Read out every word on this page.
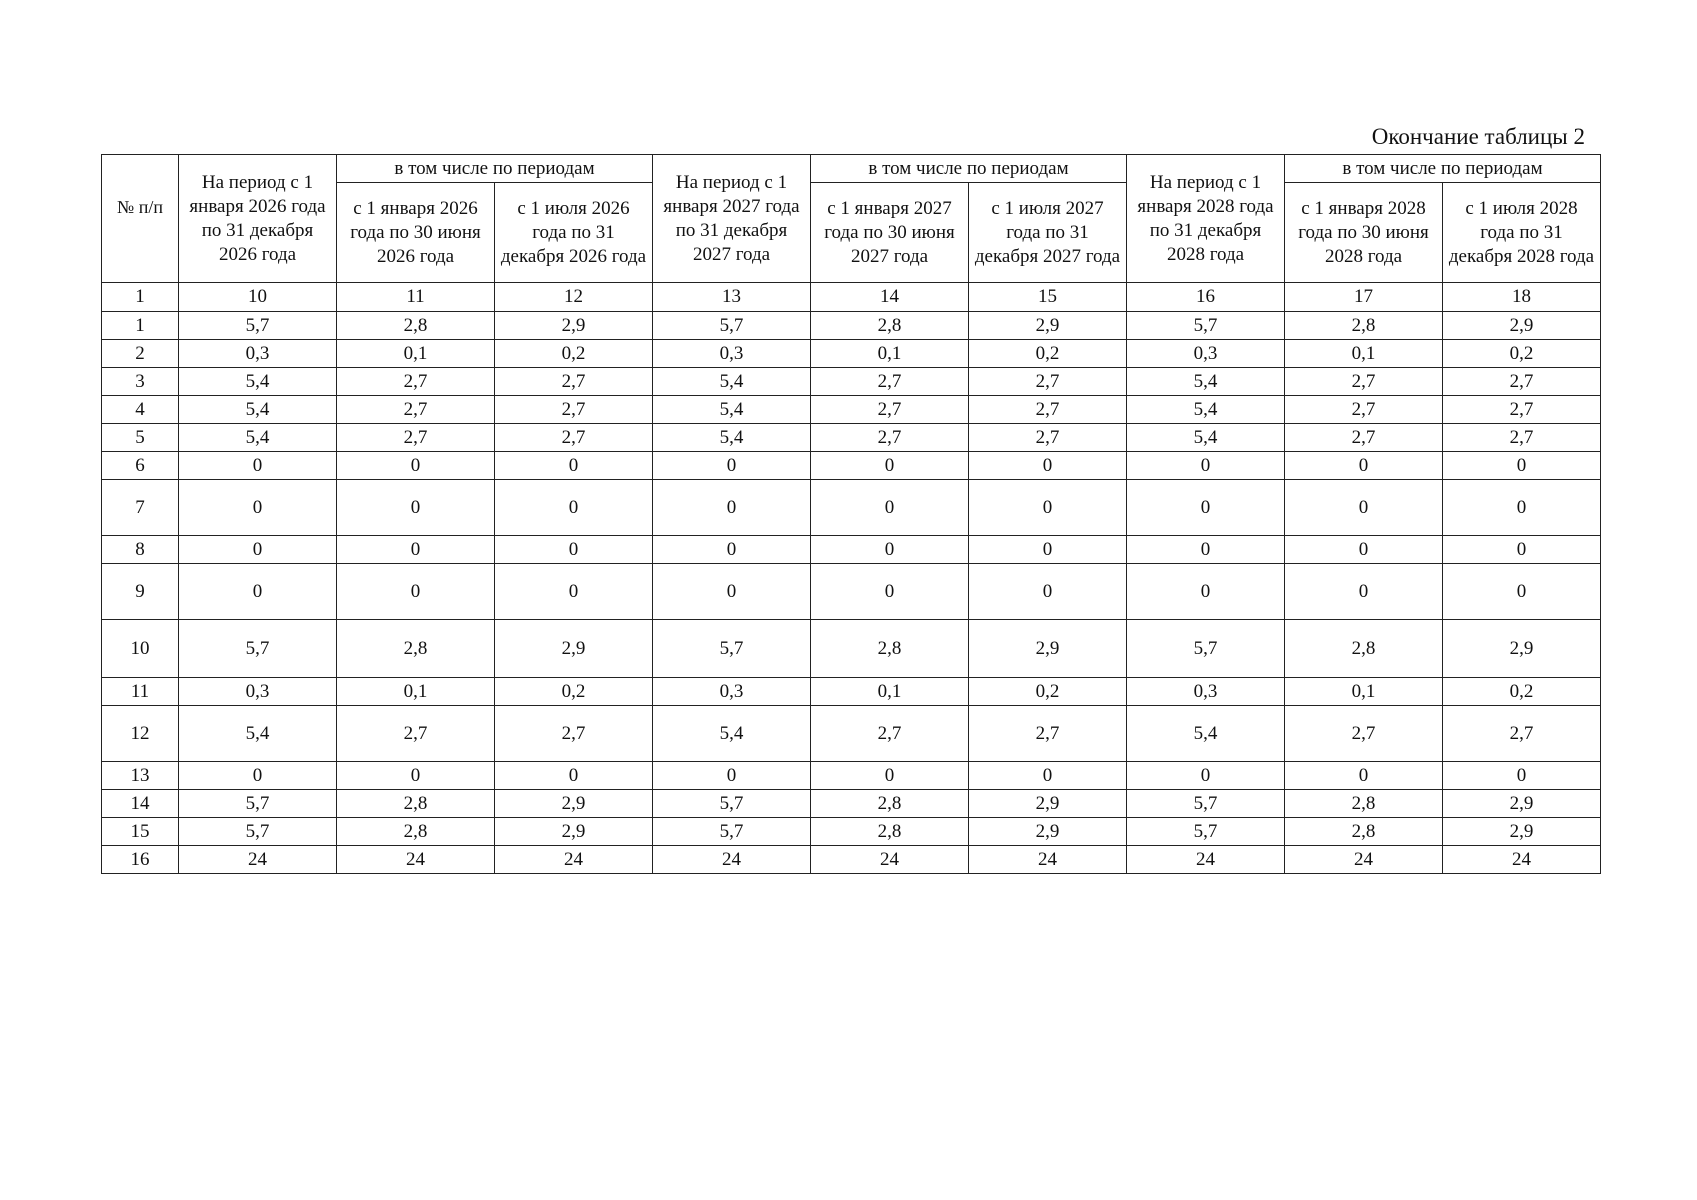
Окончание таблицы 2
№ п/п	На период с 1 января 2026 года по 31 декабря 2026 года	в том числе по периодам		На период с 1 января 2027 года по 31 декабря 2027 года	в том числе по периодам		На период с 1 января 2028 года по 31 декабря 2028 года	в том числе по периодам	
		с 1 января 2026 года по 30 июня 2026 года	с 1 июля 2026 года по 31 декабря 2026 года		с 1 января 2027 года по 30 июня 2027 года	с 1 июля 2027 года по 31 декабря 2027 года		с 1 января 2028 года по 30 июня 2028 года	с 1 июля 2028 года по 31 декабря 2028 года
1	10	11	12	13	14	15	16	17	18
1	5,7	2,8	2,9	5,7	2,8	2,9	5,7	2,8	2,9
2	0,3	0,1	0,2	0,3	0,1	0,2	0,3	0,1	0,2
3	5,4	2,7	2,7	5,4	2,7	2,7	5,4	2,7	2,7
4	5,4	2,7	2,7	5,4	2,7	2,7	5,4	2,7	2,7
5	5,4	2,7	2,7	5,4	2,7	2,7	5,4	2,7	2,7
6	0	0	0	0	0	0	0	0	0
7	0	0	0	0	0	0	0	0	0
8	0	0	0	0	0	0	0	0	0
9	0	0	0	0	0	0	0	0	0
10	5,7	2,8	2,9	5,7	2,8	2,9	5,7	2,8	2,9
11	0,3	0,1	0,2	0,3	0,1	0,2	0,3	0,1	0,2
12	5,4	2,7	2,7	5,4	2,7	2,7	5,4	2,7	2,7
13	0	0	0	0	0	0	0	0	0
14	5,7	2,8	2,9	5,7	2,8	2,9	5,7	2,8	2,9
15	5,7	2,8	2,9	5,7	2,8	2,9	5,7	2,8	2,9
16	24	24	24	24	24	24	24	24	24
